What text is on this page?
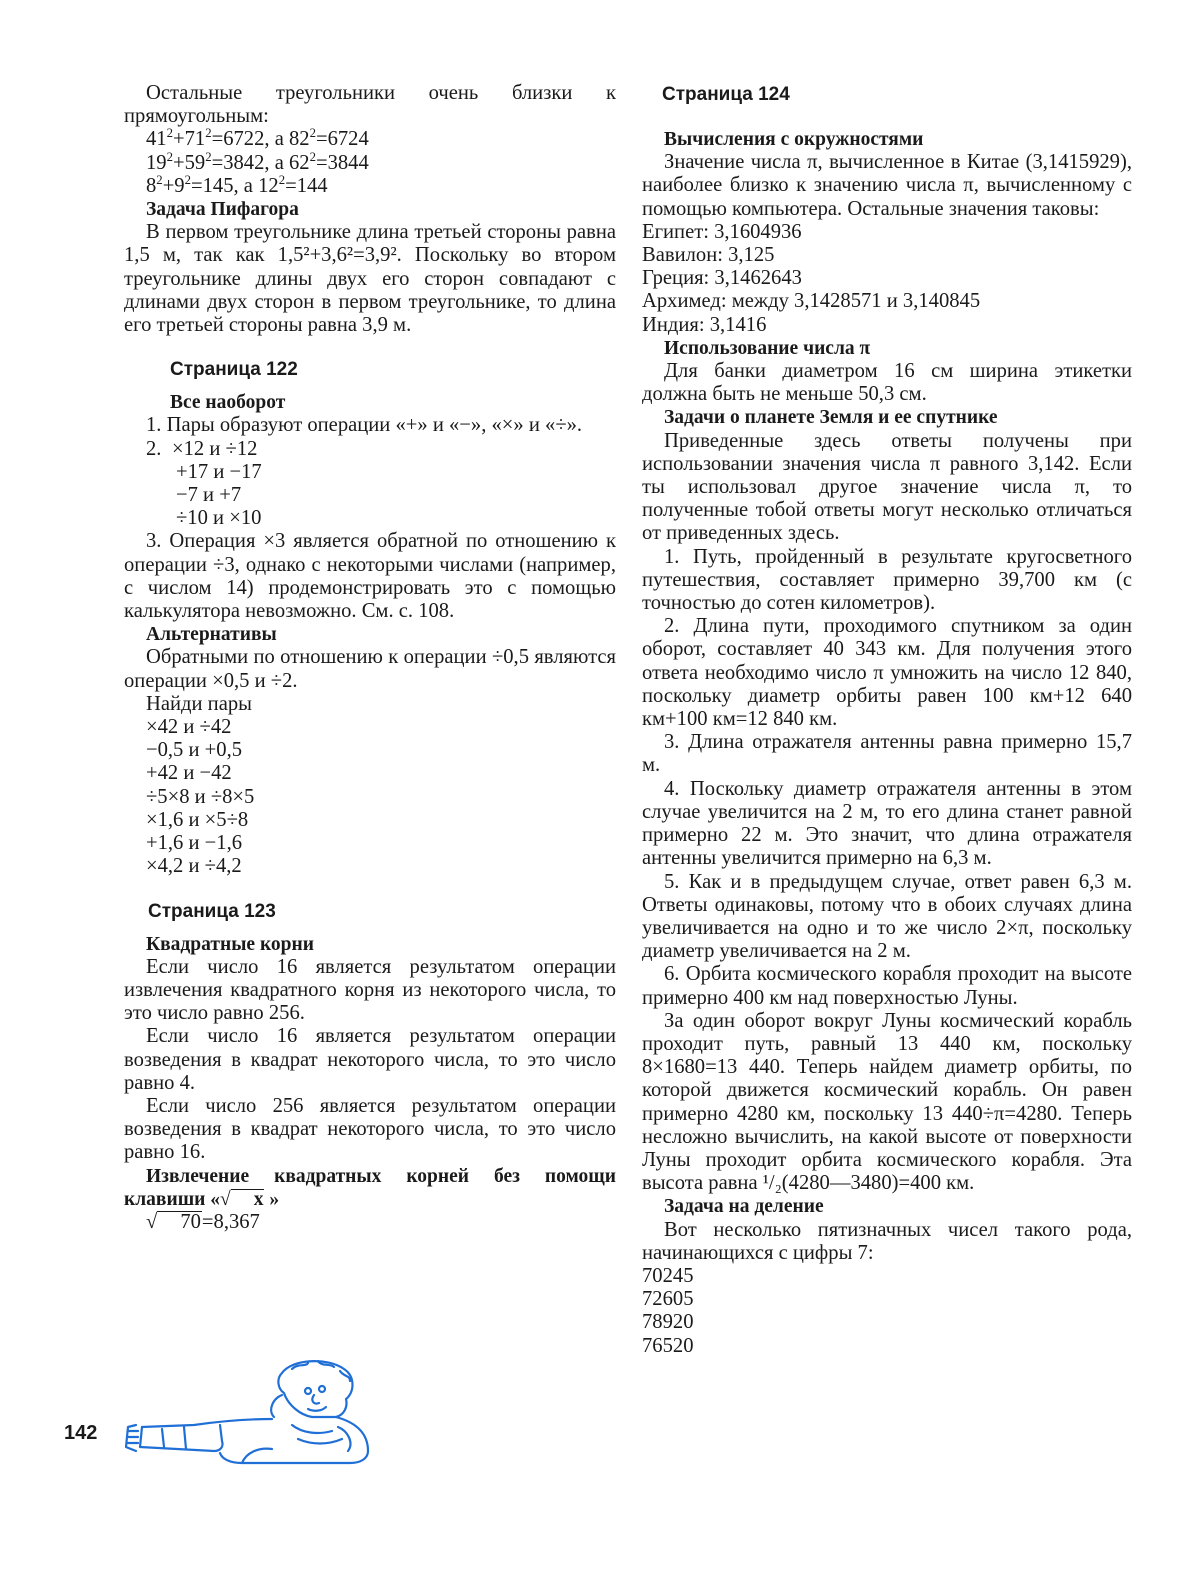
Остальные треугольники очень близки к прямоугольным:

$41^2+71^2=6722$, а $82^2=6724$

$19^2+59^2=3842$, а $62^2=3844$

$8^2+9^2=145$, а $12^2=144$

Задача Пифагора

В первом треугольнике длина третьей стороны равна 1,5 м, так как 1,5²+3,6²=3,9². Поскольку во втором треугольнике длины двух его сторон совпадают с длинами двух сторон в первом треугольнике, то длина его третьей стороны равна 3,9 м.

Страница 122

Все наоборот

1. Пары образуют операции «+» и «−», «×» и «÷».

2. ×12 и ÷12

+17 и −17

−7 и +7

÷10 и ×10

3. Операция ×3 является обратной по отношению к операции ÷3, однако с некоторыми числами (например, с числом 14) продемонстрировать это с помощью калькулятора невозможно. См. с. 108.

Альтернативы

Обратными по отношению к операции ÷0,5 являются операции ×0,5 и ÷2.

Найди пары

×42 и ÷42

−0,5 и +0,5

+42 и −42

÷5×8 и ÷8×5

×1,6 и ×5÷8

+1,6 и −1,6

×4,2 и ÷4,2

Страница 123

Квадратные корни

Если число 16 является результатом операции извлечения квадратного корня из некоторого числа, то это число равно 256.

Если число 16 является результатом операции возведения в квадрат некоторого числа, то это число равно 4.

Если число 256 является результатом операции возведения в квадрат некоторого числа, то это число равно 16.

Извлечение квадратных корней без помощи клавиши «√ x »

√ 70=8,367

Страница 124

Вычисления с окружностями

Значение числа π, вычисленное в Китае (3,1415929), наиболее близко к значению числа π, вычисленному с помощью компьютера. Остальные значения таковы:

Египет: 3,1604936

Вавилон: 3,125

Греция: 3,1462643

Архимед: между 3,1428571 и 3,140845

Индия: 3,1416

Использование числа π

Для банки диаметром 16 см ширина этикетки должна быть не меньше 50,3 см.

Задачи о планете Земля и ее спутнике

Приведенные здесь ответы получены при использовании значения числа π равного 3,142. Если ты использовал другое значение числа π, то полученные тобой ответы могут несколько отличаться от приведенных здесь.

1. Путь, пройденный в результате кругосветного путешествия, составляет примерно 39,700 км (с точностью до сотен километров).

2. Длина пути, проходимого спутником за один оборот, составляет 40 343 км. Для получения этого ответа необходимо число π умножить на число 12 840, поскольку диаметр орбиты равен 100 км+12 640 км+100 км=12 840 км.

3. Длина отражателя антенны равна примерно 15,7 м.

4. Поскольку диаметр отражателя антенны в этом случае увеличится на 2 м, то его длина станет равной примерно 22 м. Это значит, что длина отражателя антенны увеличится примерно на 6,3 м.

5. Как и в предыдущем случае, ответ равен 6,3 м. Ответы одинаковы, потому что в обоих случаях длина увеличивается на одно и то же число 2×π, поскольку диаметр увеличивается на 2 м.

6. Орбита космического корабля проходит на высоте примерно 400 км над поверхностью Луны.

За один оборот вокруг Луны космический корабль проходит путь, равный 13 440 км, поскольку 8×1680=13 440. Теперь найдем диаметр орбиты, по которой движется космический корабль. Он равен примерно 4280 км, поскольку 13 440÷π=4280. Теперь несложно вычислить, на какой высоте от поверхности Луны проходит орбита космического корабля. Эта высота равна ¹/₂(4280—3480)=400 км.

Задача на деление

Вот несколько пятизначных чисел такого рода, начинающихся с цифры 7:

70245

72605

78920

76520

142
